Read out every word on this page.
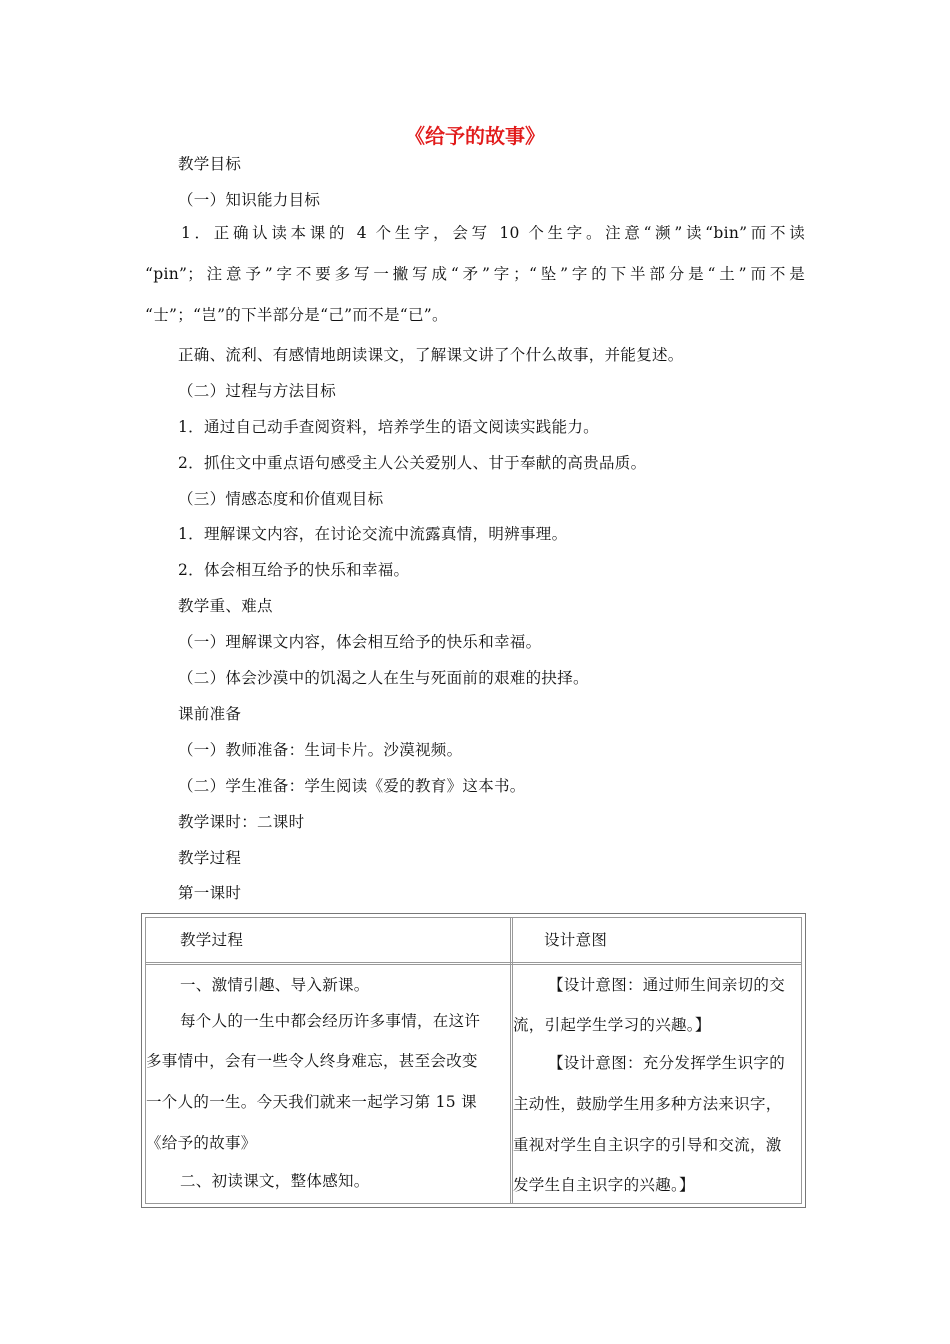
《给予的故事》
教学目标
（一）知识能力目标
1．正确认读本课的 4 个生字，会写 10 个生字。注意“濒”读“bin”而不读
“pin”；注意予”字不要多写一撇写成“矛”字；“坠”字的下半部分是“土”而不是
“士”；“岂”的下半部分是“己”而不是“已”。
正确、流利、有感情地朗读课文，了解课文讲了个什么故事，并能复述。
（二）过程与方法目标
1．通过自己动手查阅资料，培养学生的语文阅读实践能力。
2．抓住文中重点语句感受主人公关爱别人、甘于奉献的高贵品质。
（三）情感态度和价值观目标
1．理解课文内容，在讨论交流中流露真情，明辨事理。
2．体会相互给予的快乐和幸福。
教学重、难点
（一）理解课文内容，体会相互给予的快乐和幸福。
（二）体会沙漠中的饥渴之人在生与死面前的艰难的抉择。
课前准备
（一）教师准备：生词卡片。沙漠视频。
（二）学生准备：学生阅读《爱的教育》这本书。
教学课时：二课时
教学过程
第一课时
教学过程	设计意图
一、激情引趣、导入新课。
每个人的一生中都会经历许多事情，在这许
多事情中，会有一些令人终身难忘，甚至会改变
一个人的一生。今天我们就来一起学习第 15 课
《给予的故事》
二、初读课文，整体感知。
【设计意图：通过师生间亲切的交
流，引起学生学习的兴趣。】
【设计意图：充分发挥学生识字的
主动性，鼓励学生用多种方法来识字，
重视对学生自主识字的引导和交流，激
发学生自主识字的兴趣。】
